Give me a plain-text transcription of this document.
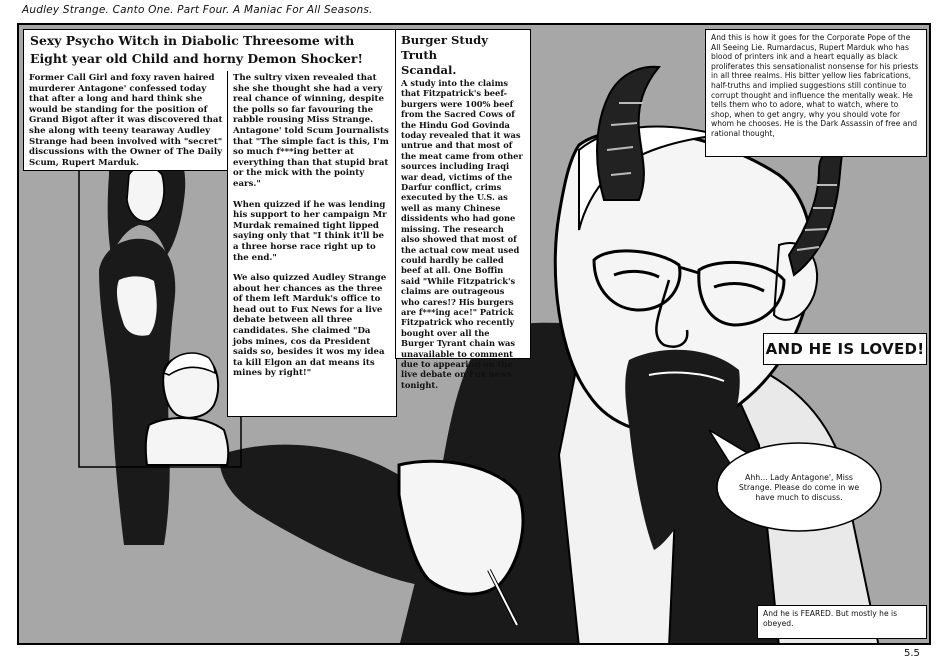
Audley Strange. Canto One. Part Four. A Maniac For All Seasons.

Sexy Psycho Witch in Diabolic Threesome with

Eight year old Child and horny Demon Shocker!

Former Call Girl and foxy raven haired murderer Antagone' confessed today that after a long and hard think she would be standing for the position of Grand Bigot after it was discovered that she along with teeny tearaway Audley Strange had been involved with "secret" discussions with the Owner of The Daily Scum, Rupert Marduk.

The sultry vixen revealed that she she thought she had a very real chance of winning, despite the polls so far favouring the rabble rousing Miss Strange. Antagone' told Scum Journalists that "The simple fact is this, I'm so much f***ing better at everything than that stupid brat or the mick with the pointy ears."

When quizzed if he was lending his support to her campaign Mr Murdak remained tight lipped saying only that "I think it'll be a three horse race right up to the end."

We also quizzed Audley Strange about her chances as the three of them left Marduk's office to head out to Fux News for a live debate between all three candidates. She claimed "Da jobs mines, cos da President saids so, besides it wos my idea ta kill Elgon an dat means its mines by right!"

Burger Study Truth

Scandal.

A study into the claims that Fitzpatrick's beef-burgers were 100% beef from the Sacred Cows of the Hindu God Govinda today revealed that it was untrue and that most of the meat came from other sources including Iraqi war dead, victims of the Darfur conflict, crims executed by the U.S. as well as many Chinese dissidents who had gone missing. The research also showed that most of the actual cow meat used could hardly be called beef at all. One Boffin said "While Fitzpatrick's claims are outrageous who cares!? His burgers are f***ing ace!" Patrick Fitzpatrick who recently bought over all the Burger Tyrant chain was unavailable to comment due to appearing on the live debate on Fux news tonight.

And this is how it goes for the Corporate Pope of the All Seeing Lie. Rumardacus, Rupert Marduk who has blood of printers ink and a heart equally as black proliferates this sensationalist nonsense for his priests in all three realms. His bitter yellow lies fabrications, half-truths and implied suggestions still continue to corrupt thought and influence the mentally weak. He tells them who to adore, what to watch, where to shop, when to get angry, why you should vote for whom he chooses. He is the Dark Assassin of free and rational thought,

AND HE IS LOVED!

Ahh... Lady Antagone', Miss Strange. Please do come in we have much to discuss.

And he is FEARED. But mostly he is obeyed.

5.5
